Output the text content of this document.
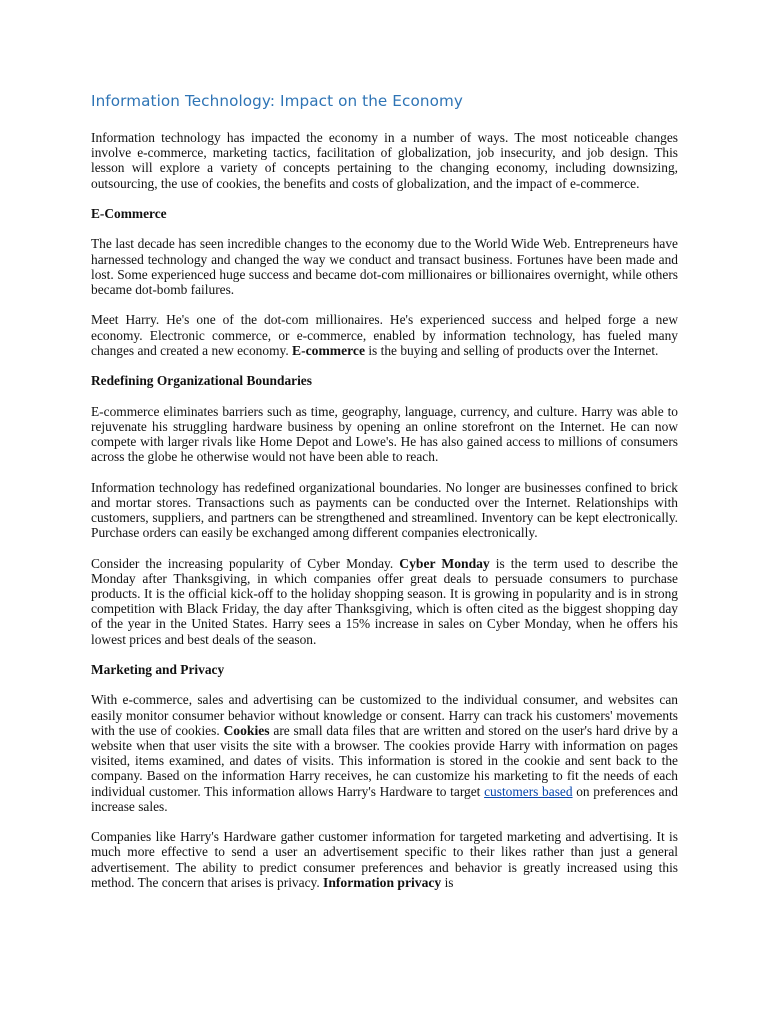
Information Technology: Impact on the Economy

Information technology has impacted the economy in a number of ways. The most noticeable changes involve e-commerce, marketing tactics, facilitation of globalization, job insecurity, and job design. This lesson will explore a variety of concepts pertaining to the changing economy, including downsizing, outsourcing, the use of cookies, the benefits and costs of globalization, and the impact of e-commerce.

E-Commerce

The last decade has seen incredible changes to the economy due to the World Wide Web. Entrepreneurs have harnessed technology and changed the way we conduct and transact business. Fortunes have been made and lost. Some experienced huge success and became dot-com millionaires or billionaires overnight, while others became dot-bomb failures.

Meet Harry. He's one of the dot-com millionaires. He's experienced success and helped forge a new economy. Electronic commerce, or e-commerce, enabled by information technology, has fueled many changes and created a new economy. E-commerce is the buying and selling of products over the Internet.

Redefining Organizational Boundaries

E-commerce eliminates barriers such as time, geography, language, currency, and culture. Harry was able to rejuvenate his struggling hardware business by opening an online storefront on the Internet. He can now compete with larger rivals like Home Depot and Lowe's. He has also gained access to millions of consumers across the globe he otherwise would not have been able to reach.

Information technology has redefined organizational boundaries. No longer are businesses confined to brick and mortar stores. Transactions such as payments can be conducted over the Internet. Relationships with customers, suppliers, and partners can be strengthened and streamlined. Inventory can be kept electronically. Purchase orders can easily be exchanged among different companies electronically.

Consider the increasing popularity of Cyber Monday. Cyber Monday is the term used to describe the Monday after Thanksgiving, in which companies offer great deals to persuade consumers to purchase products. It is the official kick-off to the holiday shopping season. It is growing in popularity and is in strong competition with Black Friday, the day after Thanksgiving, which is often cited as the biggest shopping day of the year in the United States. Harry sees a 15% increase in sales on Cyber Monday, when he offers his lowest prices and best deals of the season.

Marketing and Privacy

With e-commerce, sales and advertising can be customized to the individual consumer, and websites can easily monitor consumer behavior without knowledge or consent. Harry can track his customers' movements with the use of cookies. Cookies are small data files that are written and stored on the user's hard drive by a website when that user visits the site with a browser. The cookies provide Harry with information on pages visited, items examined, and dates of visits. This information is stored in the cookie and sent back to the company. Based on the information Harry receives, he can customize his marketing to fit the needs of each individual customer. This information allows Harry's Hardware to target customers based on preferences and increase sales.

Companies like Harry's Hardware gather customer information for targeted marketing and advertising. It is much more effective to send a user an advertisement specific to their likes rather than just a general advertisement. The ability to predict consumer preferences and behavior is greatly increased using this method. The concern that arises is privacy. Information privacy is
